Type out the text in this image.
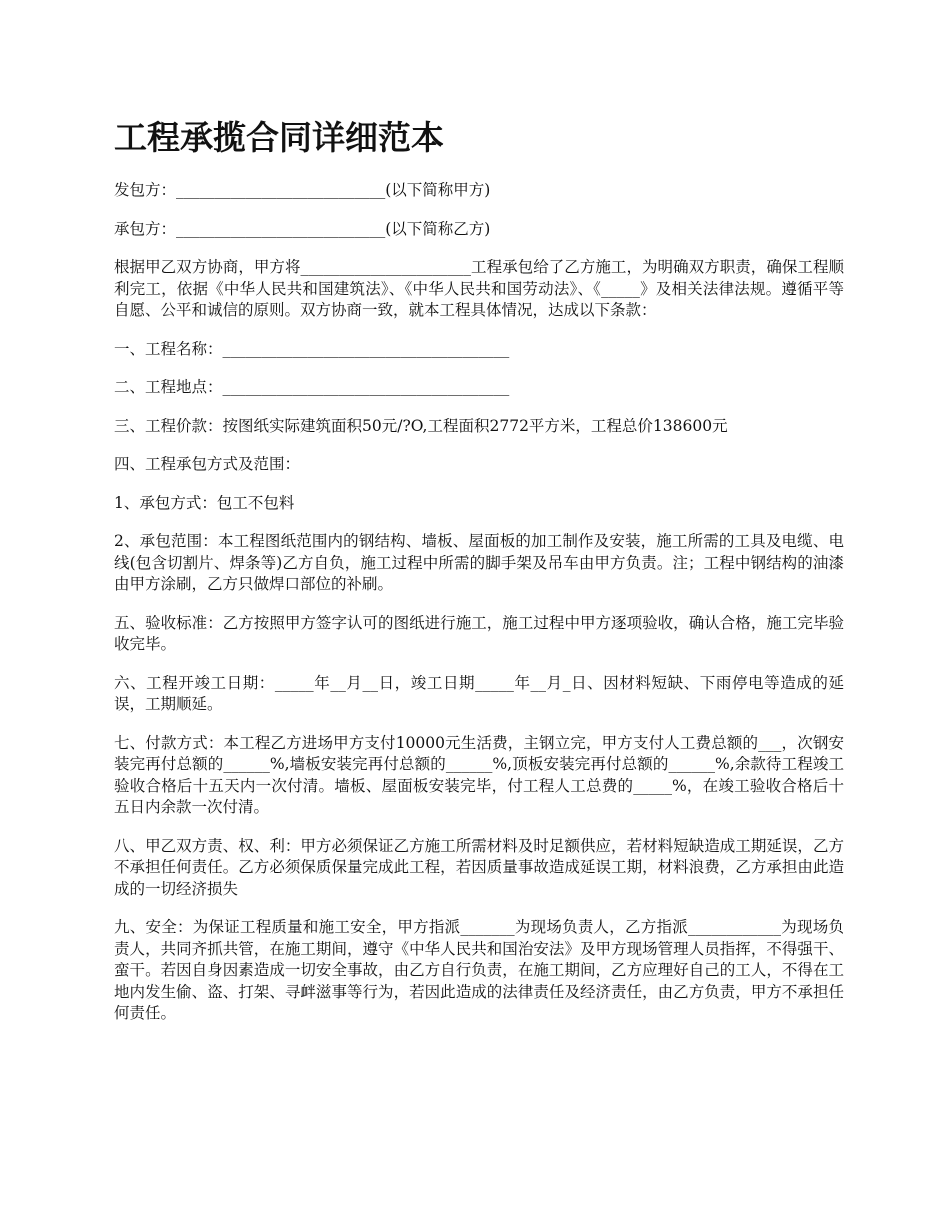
工程承揽合同详细范本

发包方：___________________________(以下简称甲方)

承包方：___________________________(以下简称乙方)

根据甲乙双方协商，甲方将______________________工程承包给了乙方施工，为明确双方职责，确保工程顺利完工，依据《中华人民共和国建筑法》、《中华人民共和国劳动法》、《_____》及相关法律法规。遵循平等自愿、公平和诚信的原则。双方协商一致，就本工程具体情况，达成以下条款：

一、工程名称：_____________________________________

二、工程地点：_____________________________________

三、工程价款：按图纸实际建筑面积50元/?O,工程面积2772平方米，工程总价138600元

四、工程承包方式及范围：

1、承包方式：包工不包料

2、承包范围：本工程图纸范围内的钢结构、墙板、屋面板的加工制作及安装，施工所需的工具及电缆、电线(包含切割片、焊条等)乙方自负，施工过程中所需的脚手架及吊车由甲方负责。注；工程中钢结构的油漆由甲方涂刷，乙方只做焊口部位的补刷。

五、验收标准：乙方按照甲方签字认可的图纸进行施工，施工过程中甲方逐项验收，确认合格，施工完毕验收完毕。

六、工程开竣工日期：_____年__月__日，竣工日期_____年__月_日、因材料短缺、下雨停电等造成的延误，工期顺延。

七、付款方式：本工程乙方进场甲方支付10000元生活费，主钢立完，甲方支付人工费总额的___，次钢安装完再付总额的______%,墙板安装完再付总额的______%,顶板安装完再付总额的______%,余款待工程竣工验收合格后十五天内一次付清。墙板、屋面板安装完毕，付工程人工总费的_____%，在竣工验收合格后十五日内余款一次付清。

八、甲乙双方责、权、利：甲方必须保证乙方施工所需材料及时足额供应，若材料短缺造成工期延误，乙方不承担任何责任。乙方必须保质保量完成此工程，若因质量事故造成延误工期，材料浪费，乙方承担由此造成的一切经济损失

九、安全：为保证工程质量和施工安全，甲方指派_______为现场负责人，乙方指派____________为现场负责人，共同齐抓共管，在施工期间，遵守《中华人民共和国治安法》及甲方现场管理人员指挥，不得强干、蛮干。若因自身因素造成一切安全事故，由乙方自行负责，在施工期间，乙方应理好自己的工人，不得在工地内发生偷、盗、打架、寻衅滋事等行为，若因此造成的法律责任及经济责任，由乙方负责，甲方不承担任何责任。
